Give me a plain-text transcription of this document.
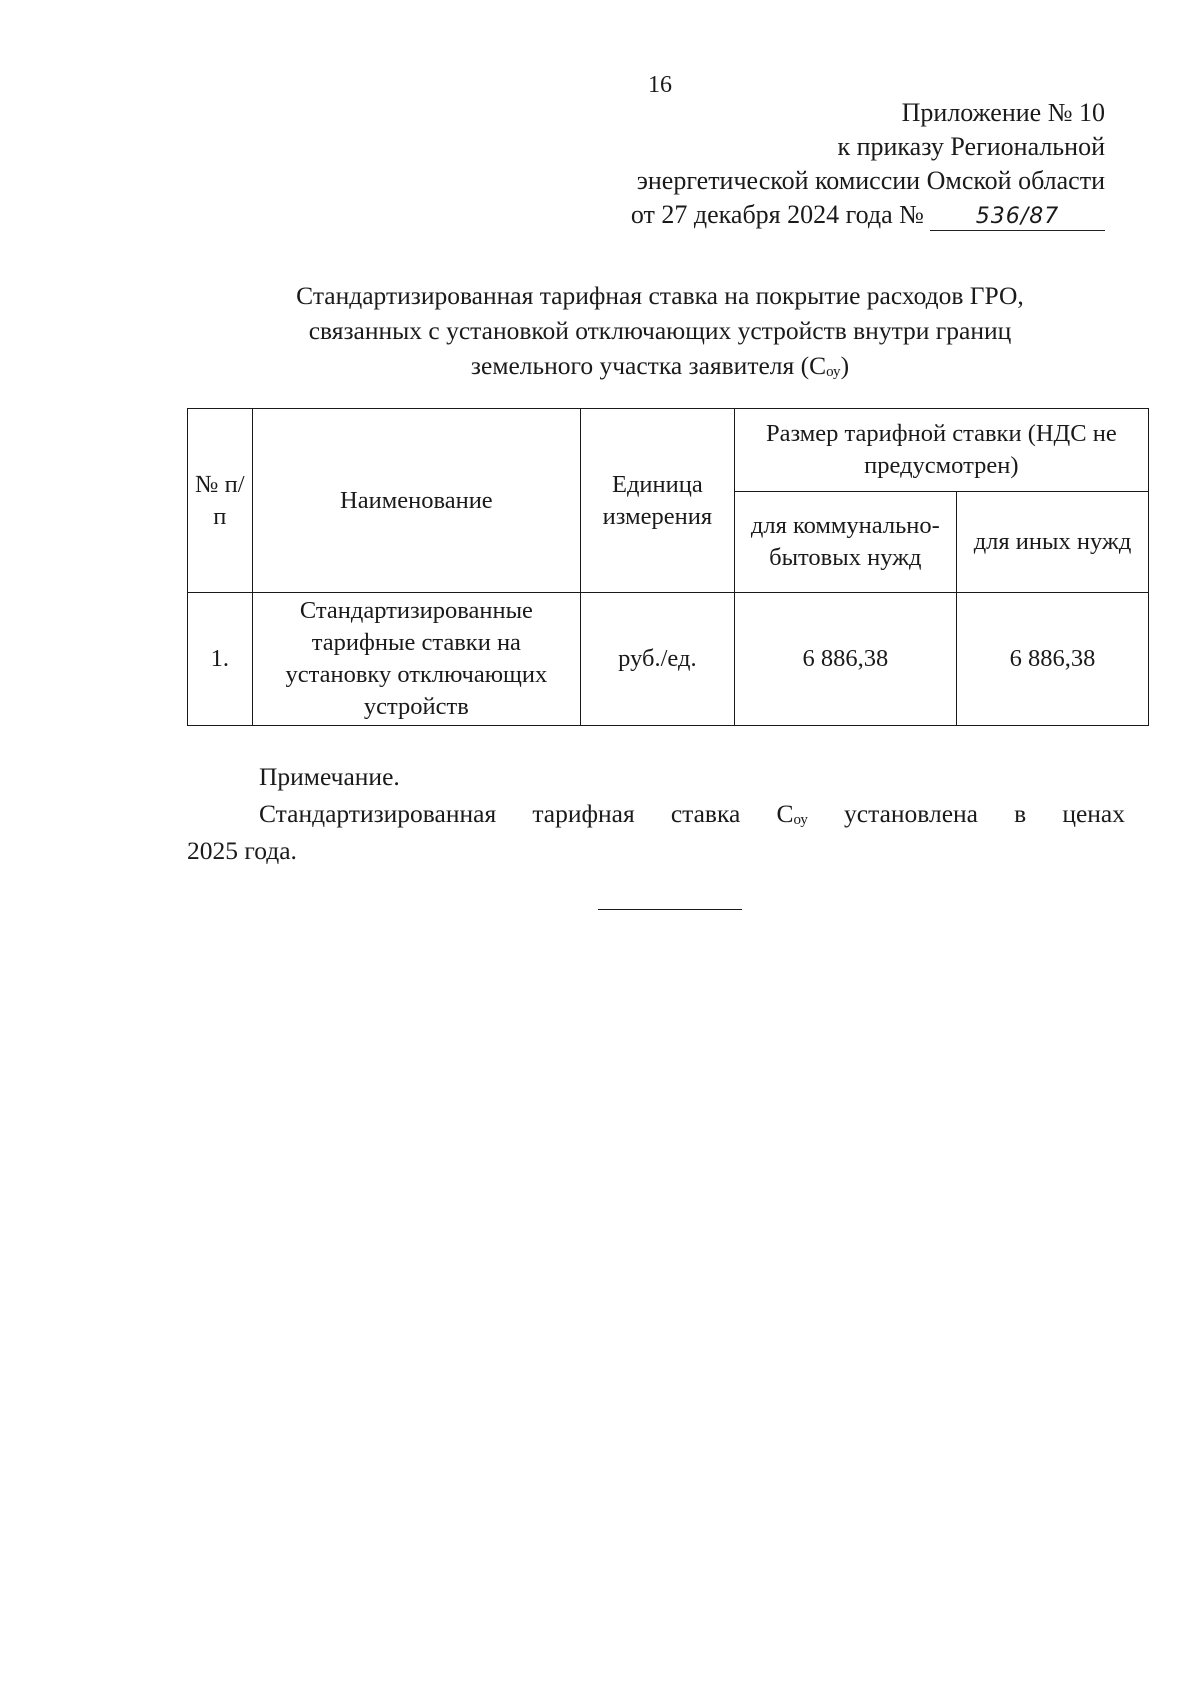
16
Приложение № 10
к приказу Региональной
энергетической комиссии Омской области
от 27 декабря 2024 года № 536/87
Стандартизированная тарифная ставка на покрытие расходов ГРО,
связанных с установкой отключающих устройств внутри границ
земельного участка заявителя $(С_{оу})$
№ п/п	Наименование	Единица измерения	Размер тарифной ставки (НДС не предусмотрен)	
			для коммунально-бытовых нужд	для иных нужд
1.	Стандартизированные тарифные ставки на установку отключающих устройств	руб./ед.	6 886,38	6 886,38
Примечание.
Стандартизированная тарифная ставка $С_{оу}$ установлена в ценах
2025 года.
